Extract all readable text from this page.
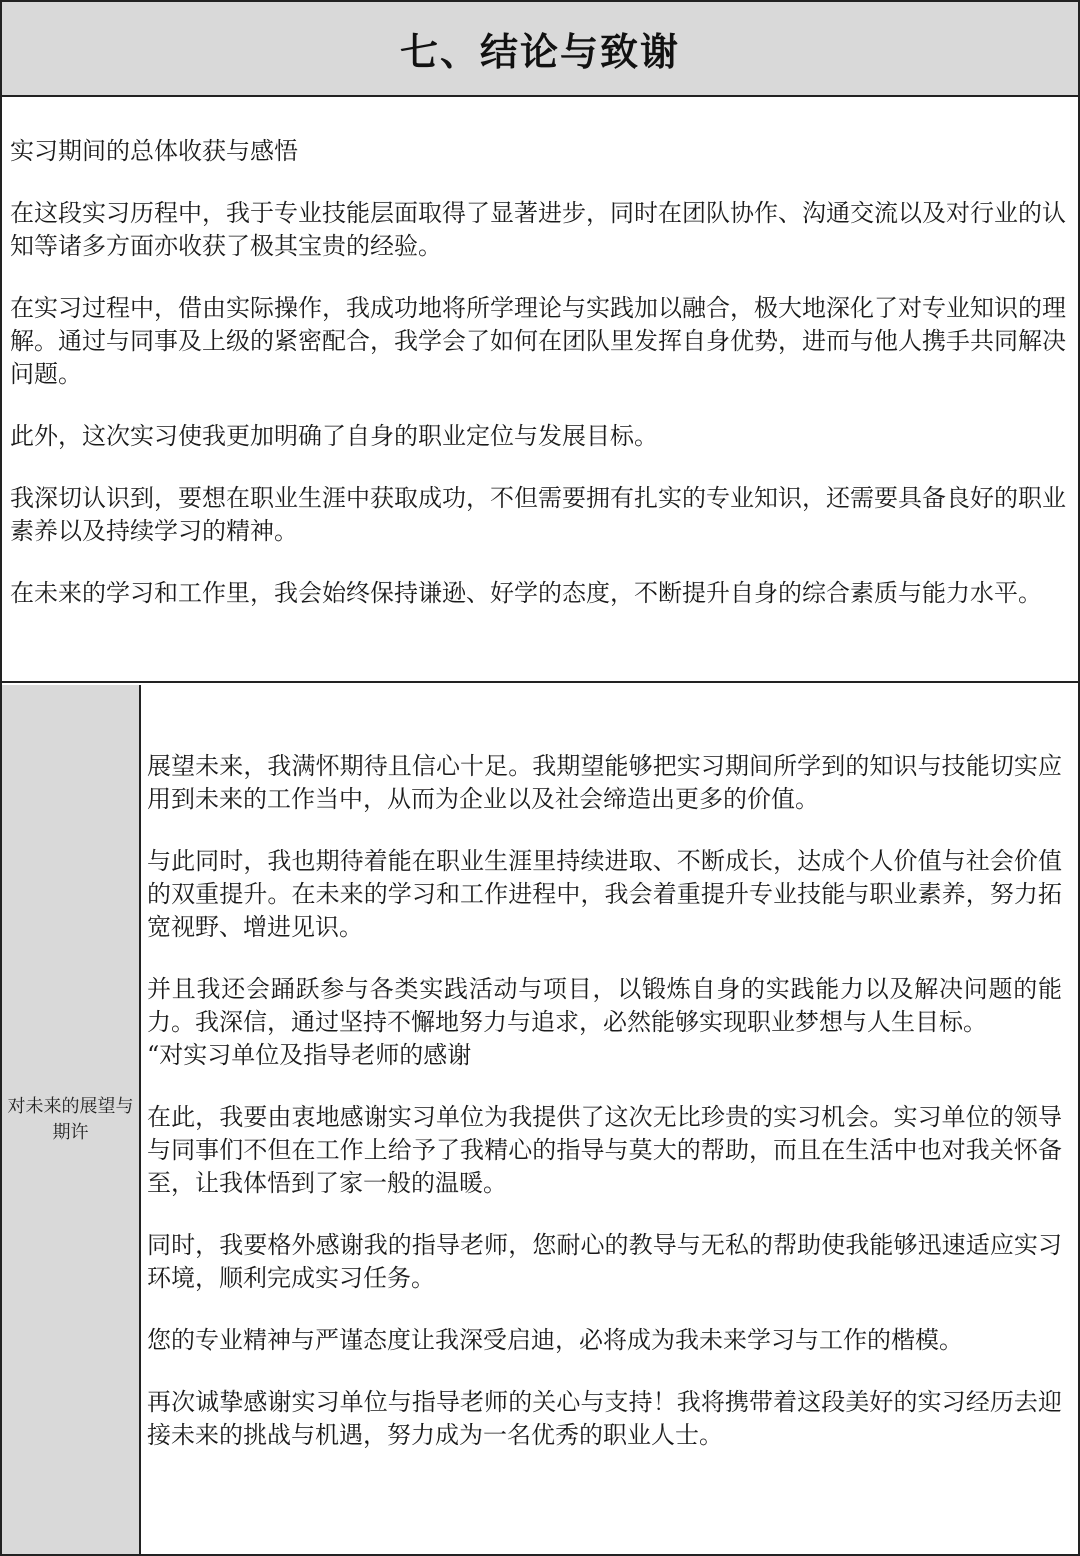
七、结论与致谢

实习期间的总体收获与感悟

在这段实习历程中，我于专业技能层面取得了显著进步，同时在团队协作、沟通交流以及对行业的认知等诸多方面亦收获了极其宝贵的经验。

在实习过程中，借由实际操作，我成功地将所学理论与实践加以融合，极大地深化了对专业知识的理解。通过与同事及上级的紧密配合，我学会了如何在团队里发挥自身优势，进而与他人携手共同解决问题。

此外，这次实习使我更加明确了自身的职业定位与发展目标。

我深切认识到，要想在职业生涯中获取成功，不但需要拥有扎实的专业知识，还需要具备良好的职业素养以及持续学习的精神。

在未来的学习和工作里，我会始终保持谦逊、好学的态度，不断提升自身的综合素质与能力水平。

对未来的展望与期许

展望未来，我满怀期待且信心十足。我期望能够把实习期间所学到的知识与技能切实应用到未来的工作当中，从而为企业以及社会缔造出更多的价值。

与此同时，我也期待着能在职业生涯里持续进取、不断成长，达成个人价值与社会价值的双重提升。在未来的学习和工作进程中，我会着重提升专业技能与职业素养，努力拓宽视野、增进见识。

并且我还会踊跃参与各类实践活动与项目，以锻炼自身的实践能力以及解决问题的能力。我深信，通过坚持不懈地努力与追求，必然能够实现职业梦想与人生目标。

“对实习单位及指导老师的感谢

在此，我要由衷地感谢实习单位为我提供了这次无比珍贵的实习机会。实习单位的领导与同事们不但在工作上给予了我精心的指导与莫大的帮助，而且在生活中也对我关怀备至，让我体悟到了家一般的温暖。

同时，我要格外感谢我的指导老师，您耐心的教导与无私的帮助使我能够迅速适应实习环境，顺利完成实习任务。

您的专业精神与严谨态度让我深受启迪，必将成为我未来学习与工作的楷模。

再次诚挚感谢实习单位与指导老师的关心与支持！我将携带着这段美好的实习经历去迎接未来的挑战与机遇，努力成为一名优秀的职业人士。
